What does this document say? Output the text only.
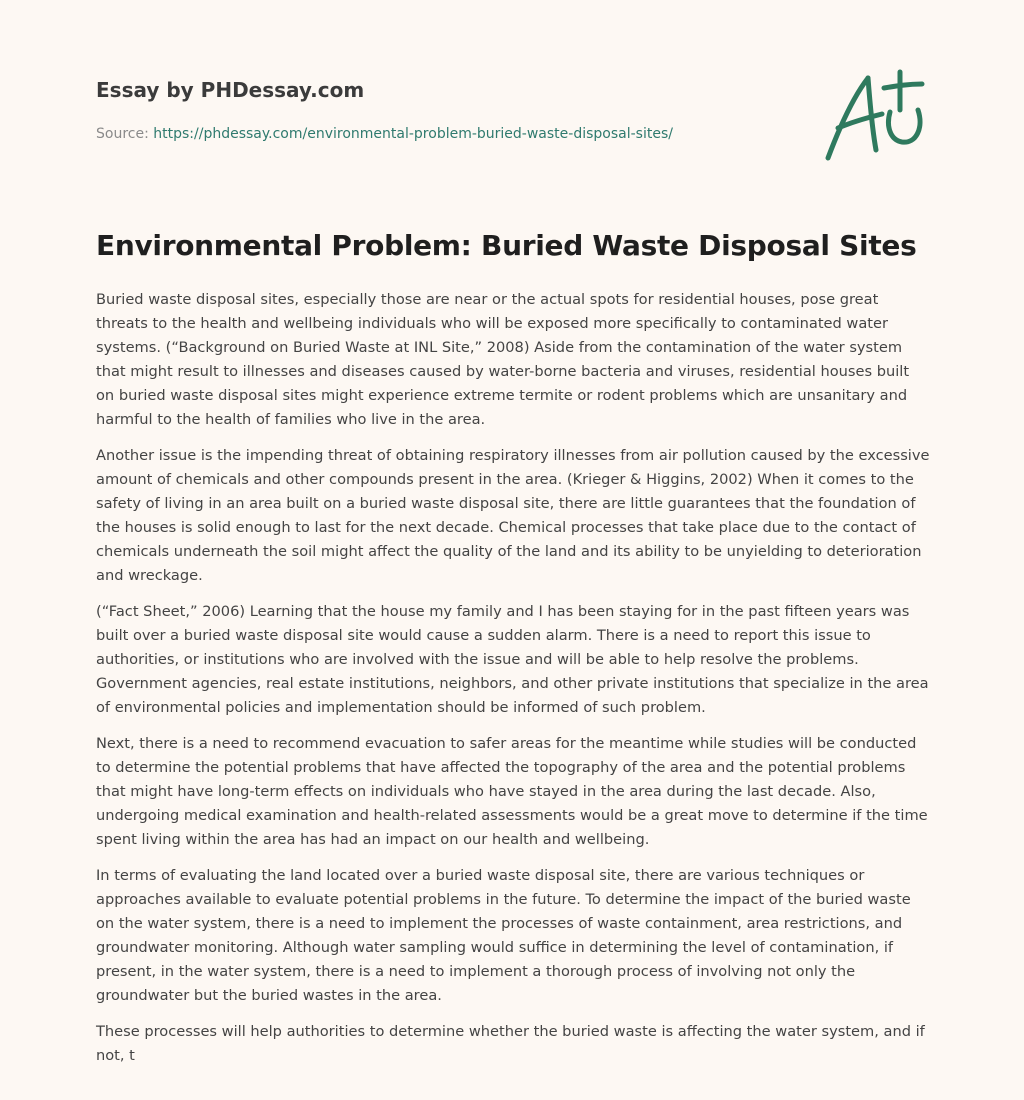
Essay by PHDessay.com
Source: https://phdessay.com/environmental-problem-buried-waste-disposal-sites/
Environmental Problem: Buried Waste Disposal Sites

Buried waste disposal sites, especially those are near or the actual spots for residential houses, pose great threats to the health and wellbeing individuals who will be exposed more specifically to contaminated water systems. (“Background on Buried Waste at INL Site,” 2008) Aside from the contamination of the water system that might result to illnesses and diseases caused by water-borne bacteria and viruses, residential houses built on buried waste disposal sites might experience extreme termite or rodent problems which are unsanitary and harmful to the health of families who live in the area.

Another issue is the impending threat of obtaining respiratory illnesses from air pollution caused by the excessive amount of chemicals and other compounds present in the area. (Krieger & Higgins, 2002) When it comes to the safety of living in an area built on a buried waste disposal site, there are little guarantees that the foundation of the houses is solid enough to last for the next decade. Chemical processes that take place due to the contact of chemicals underneath the soil might affect the quality of the land and its ability to be unyielding to deterioration and wreckage.

(“Fact Sheet,” 2006) Learning that the house my family and I has been staying for in the past fifteen years was built over a buried waste disposal site would cause a sudden alarm. There is a need to report this issue to authorities, or institutions who are involved with the issue and will be able to help resolve the problems. Government agencies, real estate institutions, neighbors, and other private institutions that specialize in the area of environmental policies and implementation should be informed of such problem.

Next, there is a need to recommend evacuation to safer areas for the meantime while studies will be conducted to determine the potential problems that have affected the topography of the area and the potential problems that might have long-term effects on individuals who have stayed in the area during the last decade. Also, undergoing medical examination and health-related assessments would be a great move to determine if the time spent living within the area has had an impact on our health and wellbeing.

In terms of evaluating the land located over a buried waste disposal site, there are various techniques or approaches available to evaluate potential problems in the future. To determine the impact of the buried waste on the water system, there is a need to implement the processes of waste containment, area restrictions, and groundwater monitoring. Although water sampling would suffice in determining the level of contamination, if present, in the water system, there is a need to implement a thorough process of involving not only the groundwater but the buried wastes in the area.

These processes will help authorities to determine whether the buried waste is affecting the water system, and if not, t
